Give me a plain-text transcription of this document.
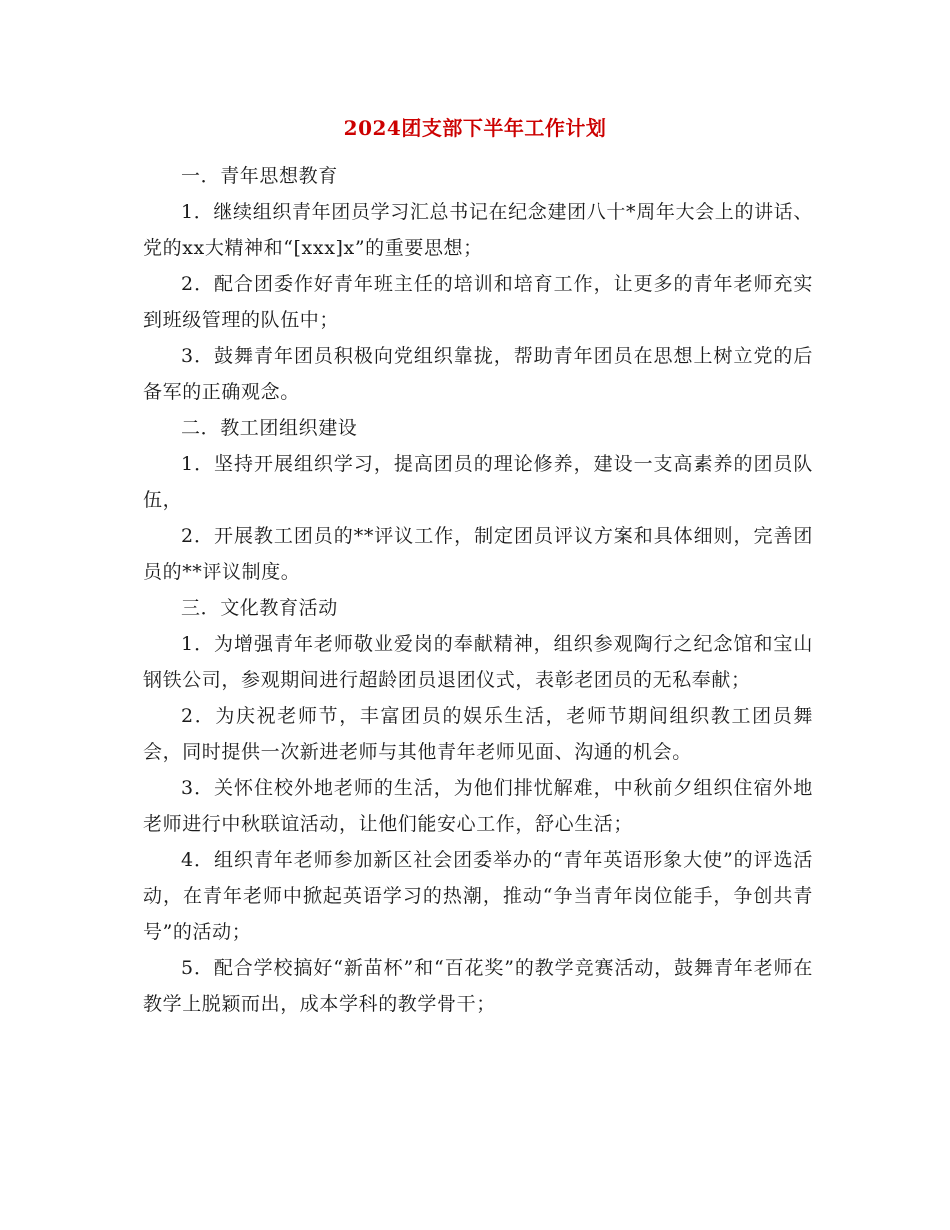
2024团支部下半年工作计划

一．青年思想教育

1．继续组织青年团员学习汇总书记在纪念建团八十*周年大会上的讲话、党的xx大精神和“[xxx]x”的重要思想；

2．配合团委作好青年班主任的培训和培育工作，让更多的青年老师充实到班级管理的队伍中；

3．鼓舞青年团员积极向党组织靠拢，帮助青年团员在思想上树立党的后备军的正确观念。

二．教工团组织建设

1．坚持开展组织学习，提高团员的理论修养，建设一支高素养的团员队伍，

2．开展教工团员的**评议工作，制定团员评议方案和具体细则，完善团员的**评议制度。

三．文化教育活动

1．为增强青年老师敬业爱岗的奉献精神，组织参观陶行之纪念馆和宝山钢铁公司，参观期间进行超龄团员退团仪式，表彰老团员的无私奉献；

2．为庆祝老师节，丰富团员的娱乐生活，老师节期间组织教工团员舞会，同时提供一次新进老师与其他青年老师见面、沟通的机会。

3．关怀住校外地老师的生活，为他们排忧解难，中秋前夕组织住宿外地老师进行中秋联谊活动，让他们能安心工作，舒心生活；

4．组织青年老师参加新区社会团委举办的“青年英语形象大使”的评选活动，在青年老师中掀起英语学习的热潮，推动“争当青年岗位能手，争创共青号”的活动；

5．配合学校搞好“新苗杯”和“百花奖”的教学竞赛活动，鼓舞青年老师在教学上脱颖而出，成本学科的教学骨干；
